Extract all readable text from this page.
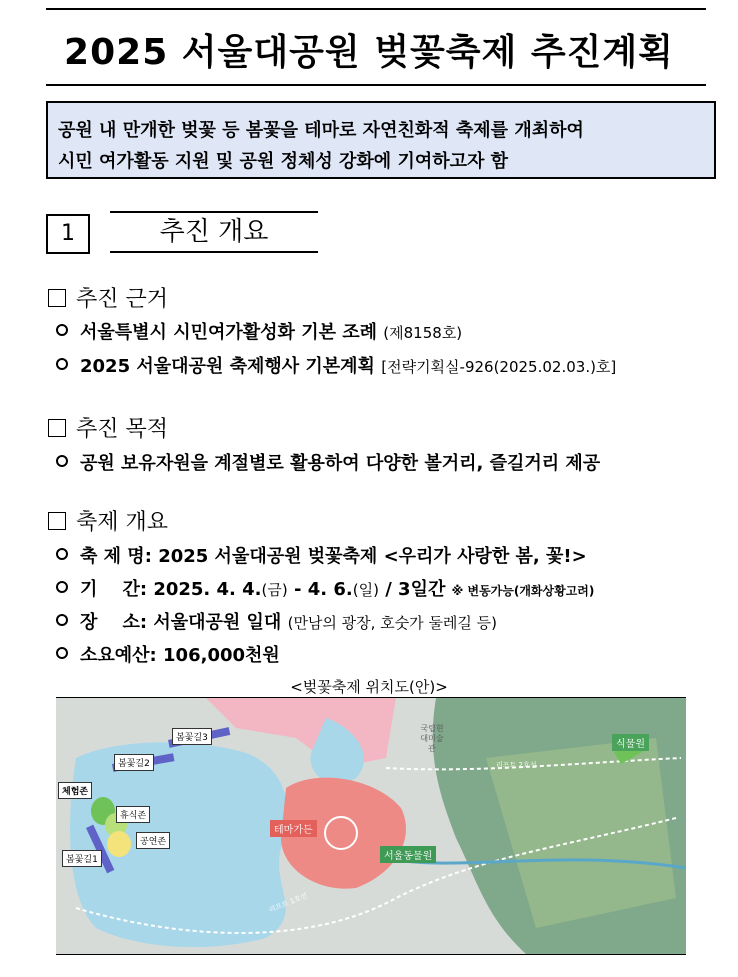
2025 서울대공원 벚꽃축제 추진계획
공원 내 만개한 벚꽃 등 봄꽃을 테마로 자연친화적 축제를 개최하여
시민 여가활동 지원 및 공원 정체성 강화에 기여하고자 함
1	추진 개요
추진 근거
서울특별시 시민여가활성화 기본 조례 (제8158호)
2025 서울대공원 축제행사 기본계획 [전략기획실-926(2025.02.03.)호]
추진 목적
공원 보유자원을 계절별로 활용하여 다양한 볼거리, 즐길거리 제공
축제 개요
축 제 명: 2025 서울대공원 벚꽃축제 <우리가 사랑한 봄, 꽃!>
기    간: 2025. 4. 4.(금) - 4. 6.(일) / 3일간 ※ 변동가능(개화상황고려)
장    소: 서울대공원 일대 (만남의 광장, 호숫가 둘레길 등)
소요예산: 106,000천원
<벚꽃축제 위치도(안)>
봄꽃길3
봄꽃길2
봄꽃길1
체험존
휴식존
공연존
테마가든
서울동물원
식물원
국립현대미술관
리프트 1호선
리프트 2호선
